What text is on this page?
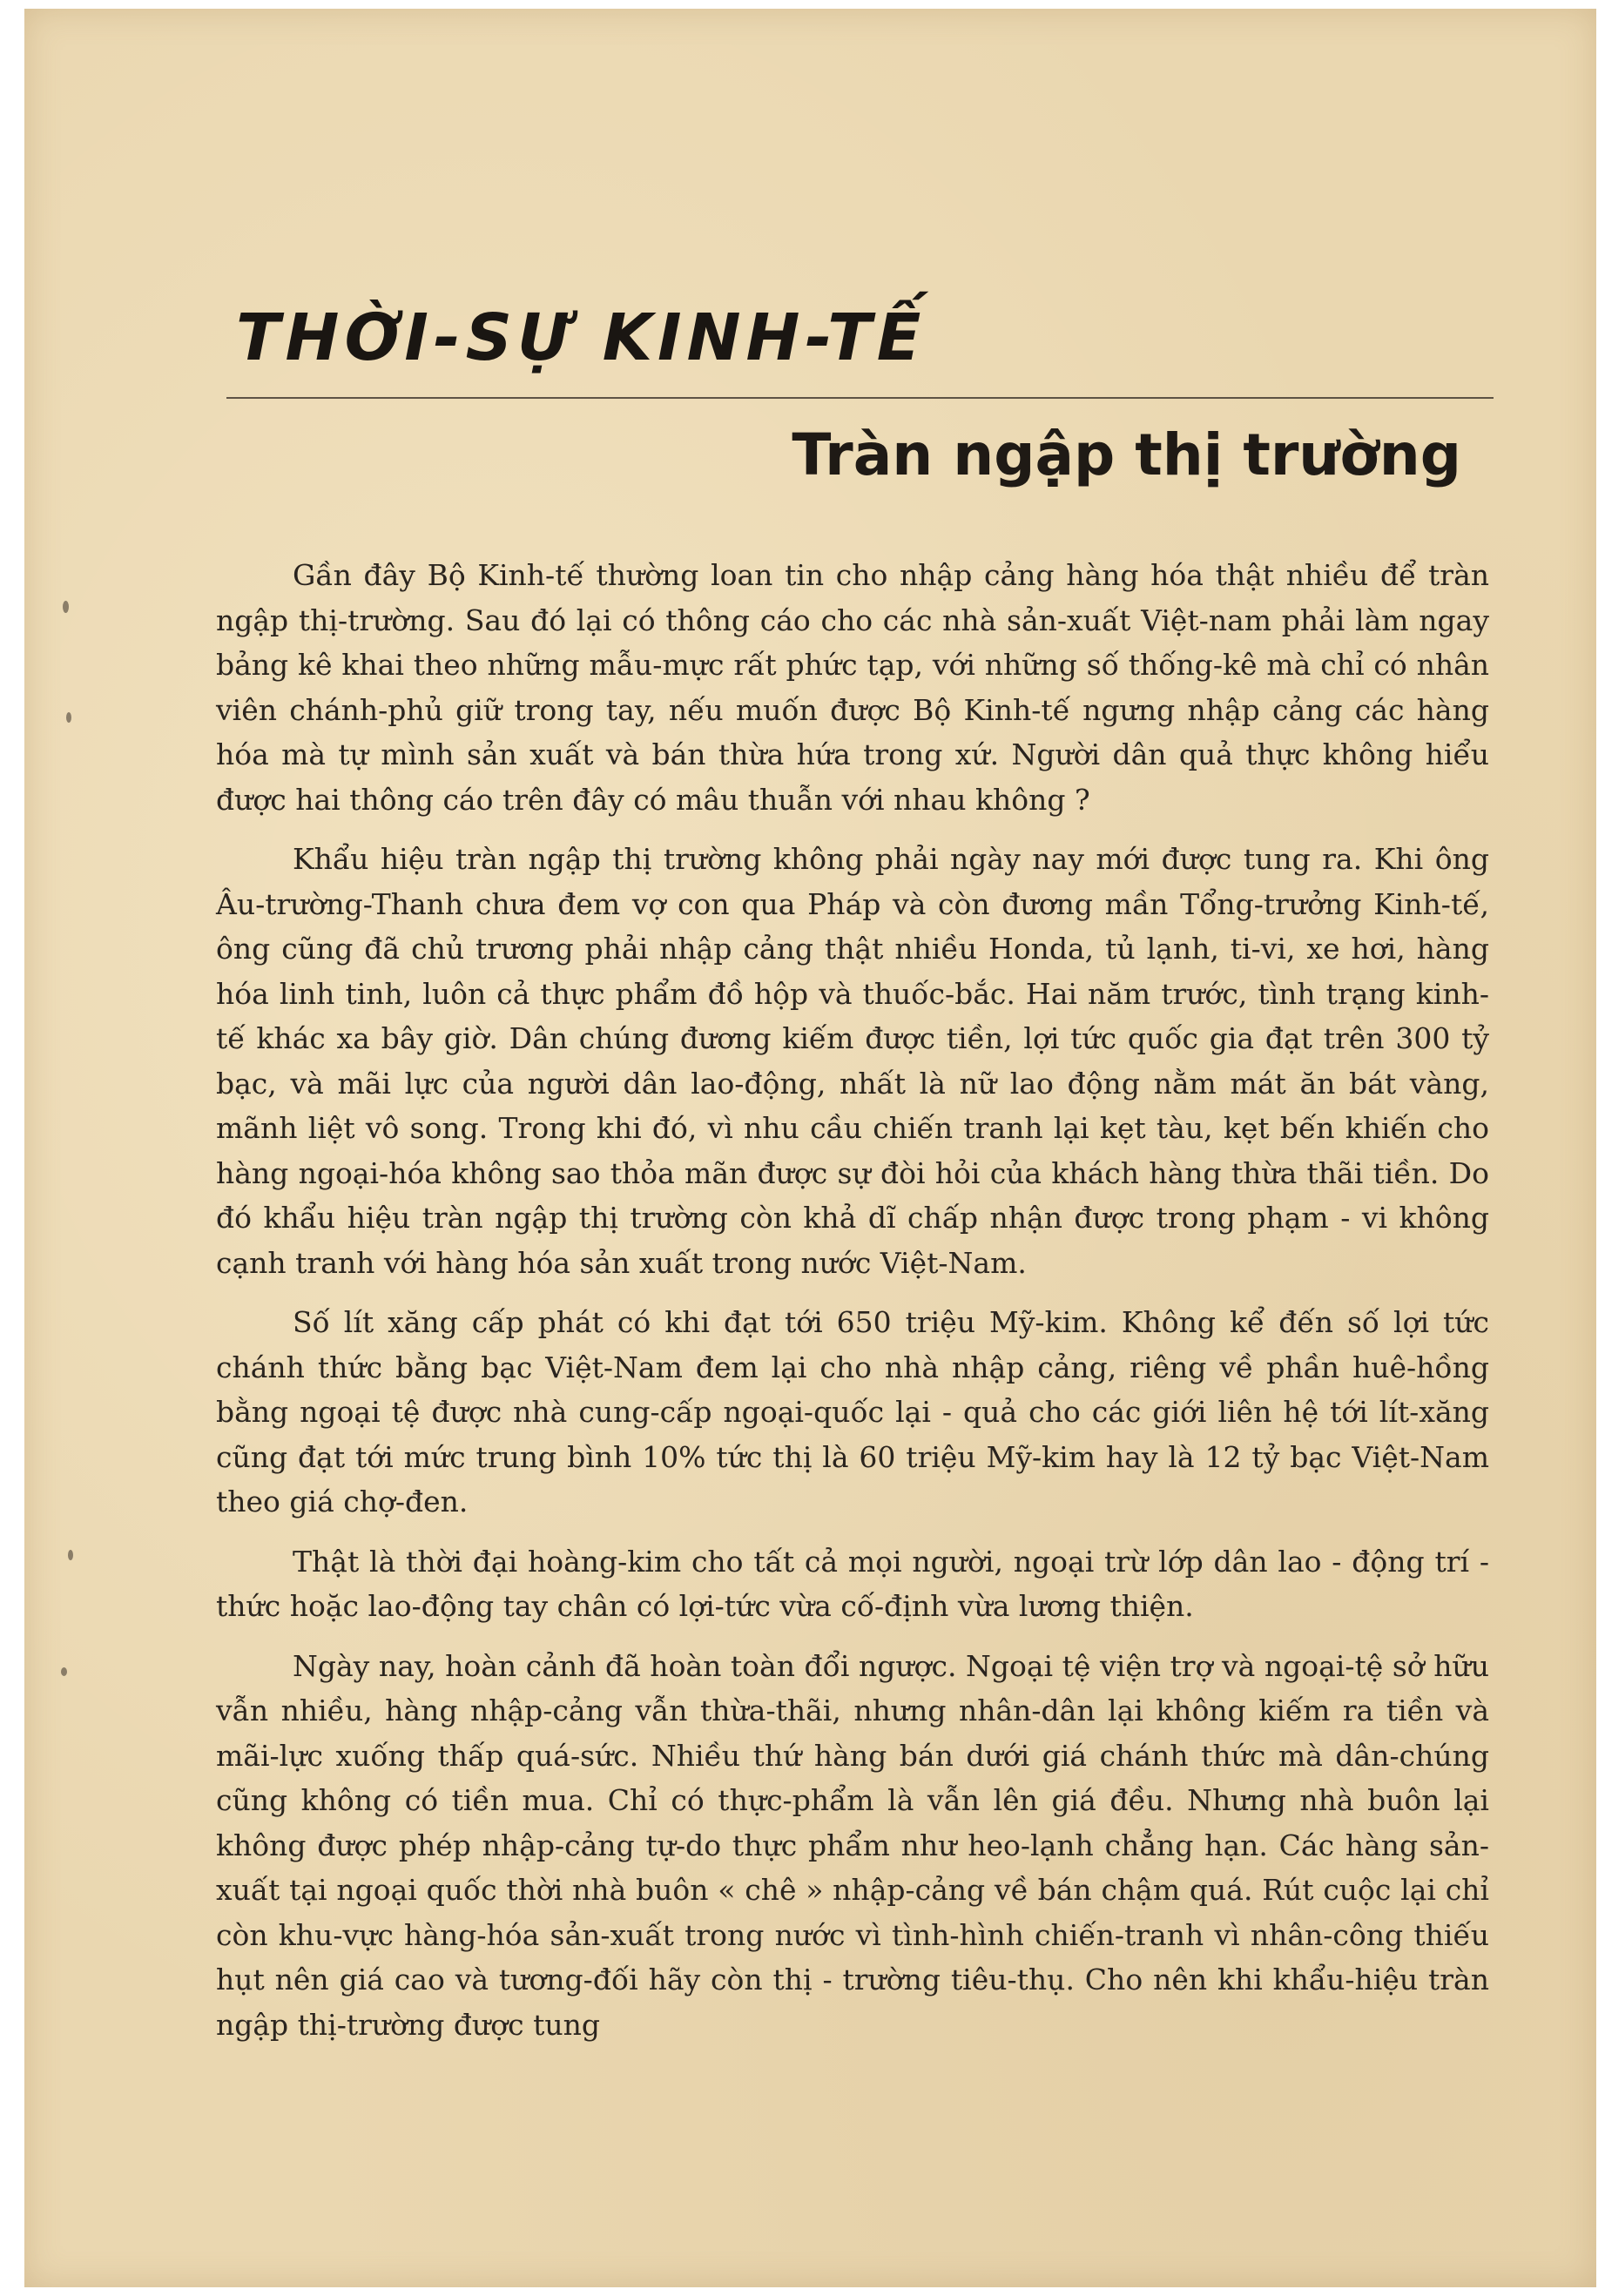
THỜI-SỰ KINH-TẾ
Tràn ngập thị trường

Gần đây Bộ Kinh-tế thường loan tin cho nhập cảng hàng hóa thật nhiều để tràn ngập thị-trường. Sau đó lại có thông cáo cho các nhà sản-xuất Việt-nam phải làm ngay bảng kê khai theo những mẫu-mực rất phức tạp, với những số thống-kê mà chỉ có nhân viên chánh-phủ giữ trong tay, nếu muốn được Bộ Kinh-tế ngưng nhập cảng các hàng hóa mà tự mình sản xuất và bán thừa hứa trong xứ. Người dân quả thực không hiểu được hai thông cáo trên đây có mâu thuẫn với nhau không ?

Khẩu hiệu tràn ngập thị trường không phải ngày nay mới được tung ra. Khi ông Âu-trường-Thanh chưa đem vợ con qua Pháp và còn đương mần Tổng-trưởng Kinh-tế, ông cũng đã chủ trương phải nhập cảng thật nhiều Honda, tủ lạnh, ti-vi, xe hơi, hàng hóa linh tinh, luôn cả thực phẩm đồ hộp và thuốc-bắc. Hai năm trước, tình trạng kinh-tế khác xa bây giờ. Dân chúng đương kiếm được tiền, lợi tức quốc gia đạt trên 300 tỷ bạc, và mãi lực của người dân lao-động, nhất là nữ lao động nằm mát ăn bát vàng, mãnh liệt vô song. Trong khi đó, vì nhu cầu chiến tranh lại kẹt tàu, kẹt bến khiến cho hàng ngoại-hóa không sao thỏa mãn được sự đòi hỏi của khách hàng thừa thãi tiền. Do đó khẩu hiệu tràn ngập thị trường còn khả dĩ chấp nhận được trong phạm - vi không cạnh tranh với hàng hóa sản xuất trong nước Việt-Nam.

Số lít xăng cấp phát có khi đạt tới 650 triệu Mỹ-kim. Không kể đến số lợi tức chánh thức bằng bạc Việt-Nam đem lại cho nhà nhập cảng, riêng về phần huê-hồng bằng ngoại tệ được nhà cung-cấp ngoại-quốc lại - quả cho các giới liên hệ tới lít-xăng cũng đạt tới mức trung bình 10% tức thị là 60 triệu Mỹ-kim hay là 12 tỷ bạc Việt-Nam theo giá chợ-đen.

Thật là thời đại hoàng-kim cho tất cả mọi người, ngoại trừ lớp dân lao - động trí - thức hoặc lao-động tay chân có lợi-tức vừa cố-định vừa lương thiện.

Ngày nay, hoàn cảnh đã hoàn toàn đổi ngược. Ngoại tệ viện trợ và ngoại-tệ sở hữu vẫn nhiều, hàng nhập-cảng vẫn thừa-thãi, nhưng nhân-dân lại không kiếm ra tiền và mãi-lực xuống thấp quá-sức. Nhiều thứ hàng bán dưới giá chánh thức mà dân-chúng cũng không có tiền mua. Chỉ có thực-phẩm là vẫn lên giá đều. Nhưng nhà buôn lại không được phép nhập-cảng tự-do thực phẩm như heo-lạnh chẳng hạn. Các hàng sản-xuất tại ngoại quốc thời nhà buôn « chê » nhập-cảng về bán chậm quá. Rút cuộc lại chỉ còn khu-vực hàng-hóa sản-xuất trong nước vì tình-hình chiến-tranh vì nhân-công thiếu hụt nên giá cao và tương-đối hãy còn thị - trường tiêu-thụ. Cho nên khi khẩu-hiệu tràn ngập thị-trường được tung
